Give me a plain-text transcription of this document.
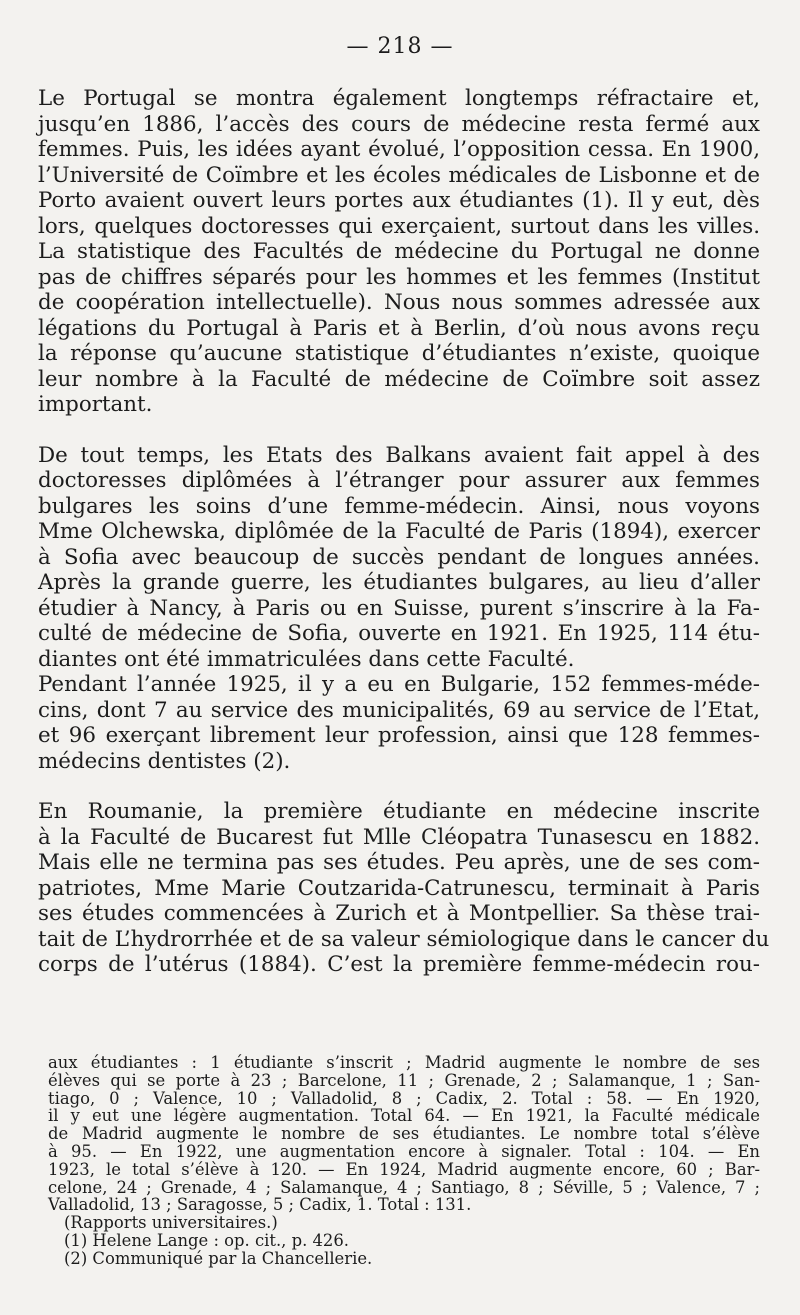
— 218 —
Le Portugal se montra également longtemps réfractaire et,
jusqu’en 1886, l’accès des cours de médecine resta fermé aux
femmes. Puis, les idées ayant évolué, l’opposition cessa. En 1900,
l’Université de Coïmbre et les écoles médicales de Lisbonne et de
Porto avaient ouvert leurs portes aux étudiantes (1). Il y eut, dès
lors, quelques doctoresses qui exerçaient, surtout dans les villes.
La statistique des Facultés de médecine du Portugal ne donne
pas de chiffres séparés pour les hommes et les femmes (Institut
de coopération intellectuelle). Nous nous sommes adressée aux
légations du Portugal à Paris et à Berlin, d’où nous avons reçu
la réponse qu’aucune statistique d’étudiantes n’existe, quoique
leur nombre à la Faculté de médecine de Coïmbre soit assez
important.
De tout temps, les Etats des Balkans avaient fait appel à des
doctoresses diplômées à l’étranger pour assurer aux femmes
bulgares les soins d’une femme-médecin. Ainsi, nous voyons
Mme Olchewska, diplômée de la Faculté de Paris (1894), exercer
à Sofia avec beaucoup de succès pendant de longues années.
Après la grande guerre, les étudiantes bulgares, au lieu d’aller
étudier à Nancy, à Paris ou en Suisse, purent s’inscrire à la Fa-
culté de médecine de Sofia, ouverte en 1921. En 1925, 114 étu-
diantes ont été immatriculées dans cette Faculté.
Pendant l’année 1925, il y a eu en Bulgarie, 152 femmes-méde-
cins, dont 7 au service des municipalités, 69 au service de l’Etat,
et 96 exerçant librement leur profession, ainsi que 128 femmes-
médecins dentistes (2).
En Roumanie, la première étudiante en médecine inscrite
à la Faculté de Bucarest fut Mlle Cléopatra Tunasescu en 1882.
Mais elle ne termina pas ses études. Peu après, une de ses com-
patriotes, Mme Marie Coutzarida-Catrunescu, terminait à Paris
ses études commencées à Zurich et à Montpellier. Sa thèse trai-
tait de L’hydrorrhée et de sa valeur sémiologique dans le cancer du
corps de l’utérus (1884). C’est la première femme-médecin rou-
aux étudiantes : 1 étudiante s’inscrit ; Madrid augmente le nombre de ses
élèves qui se porte à 23 ; Barcelone, 11 ; Grenade, 2 ; Salamanque, 1 ; San-
tiago, 0 ; Valence, 10 ; Valladolid, 8 ; Cadix, 2. Total : 58. — En 1920,
il y eut une légère augmentation. Total 64. — En 1921, la Faculté médicale
de Madrid augmente le nombre de ses étudiantes. Le nombre total s’élève
à 95. — En 1922, une augmentation encore à signaler. Total : 104. — En
1923, le total s’élève à 120. — En 1924, Madrid augmente encore, 60 ; Bar-
celone, 24 ; Grenade, 4 ; Salamanque, 4 ; Santiago, 8 ; Séville, 5 ; Valence, 7 ;
Valladolid, 13 ; Saragosse, 5 ; Cadix, 1. Total : 131.
(Rapports universitaires.)
(1) Helene Lange : op. cit., p. 426.
(2) Communiqué par la Chancellerie.
